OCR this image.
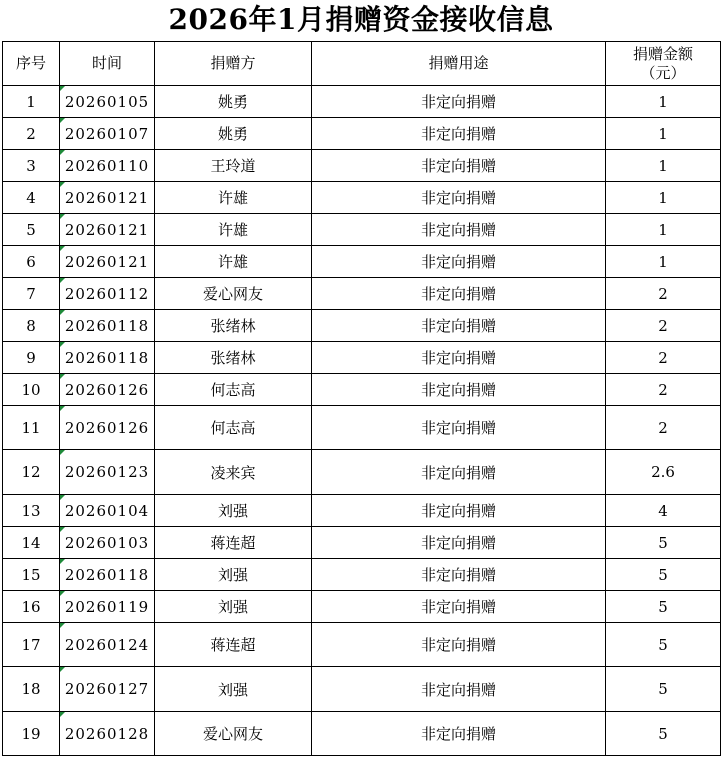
2026年1月捐赠资金接收信息
序号	时间	捐赠方	捐赠用途	捐赠金额
（元）

1	20260105	姚勇	非定向捐赠	1
2	20260107	姚勇	非定向捐赠	1
3	20260110	王玲道	非定向捐赠	1
4	20260121	许雄	非定向捐赠	1
5	20260121	许雄	非定向捐赠	1
6	20260121	许雄	非定向捐赠	1
7	20260112	爱心网友	非定向捐赠	2
8	20260118	张绪林	非定向捐赠	2
9	20260118	张绪林	非定向捐赠	2
10	20260126	何志高	非定向捐赠	2
11	20260126	何志高	非定向捐赠	2
12	20260123	凌来宾	非定向捐赠	2.6
13	20260104	刘强	非定向捐赠	4
14	20260103	蒋连超	非定向捐赠	5
15	20260118	刘强	非定向捐赠	5
16	20260119	刘强	非定向捐赠	5
17	20260124	蒋连超	非定向捐赠	5
18	20260127	刘强	非定向捐赠	5
19	20260128	爱心网友	非定向捐赠	5
